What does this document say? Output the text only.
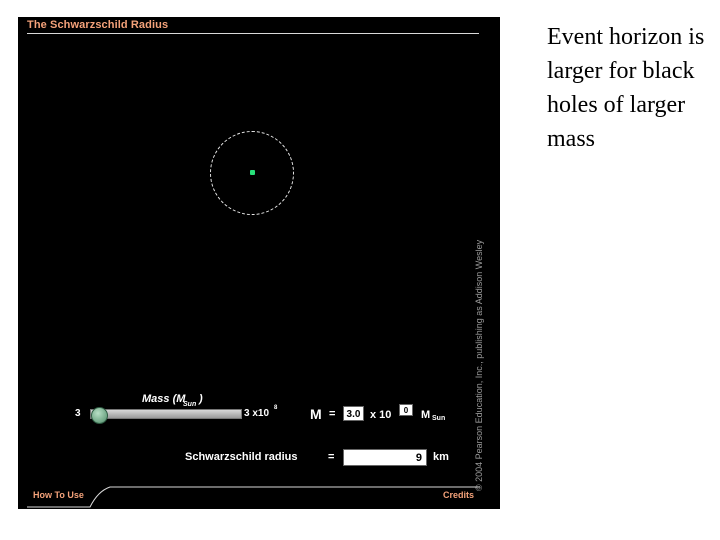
The Schwarzschild Radius
© 2004 Pearson Education, Inc., publishing as Addison Wesley
Mass (M
Sun )
3	3 x10 8 M =	3.0 x 10	0	M Sun
Schwarzschild radius	=	9	km
How To Use	Credits
Event horizon is larger for black holes of larger mass
